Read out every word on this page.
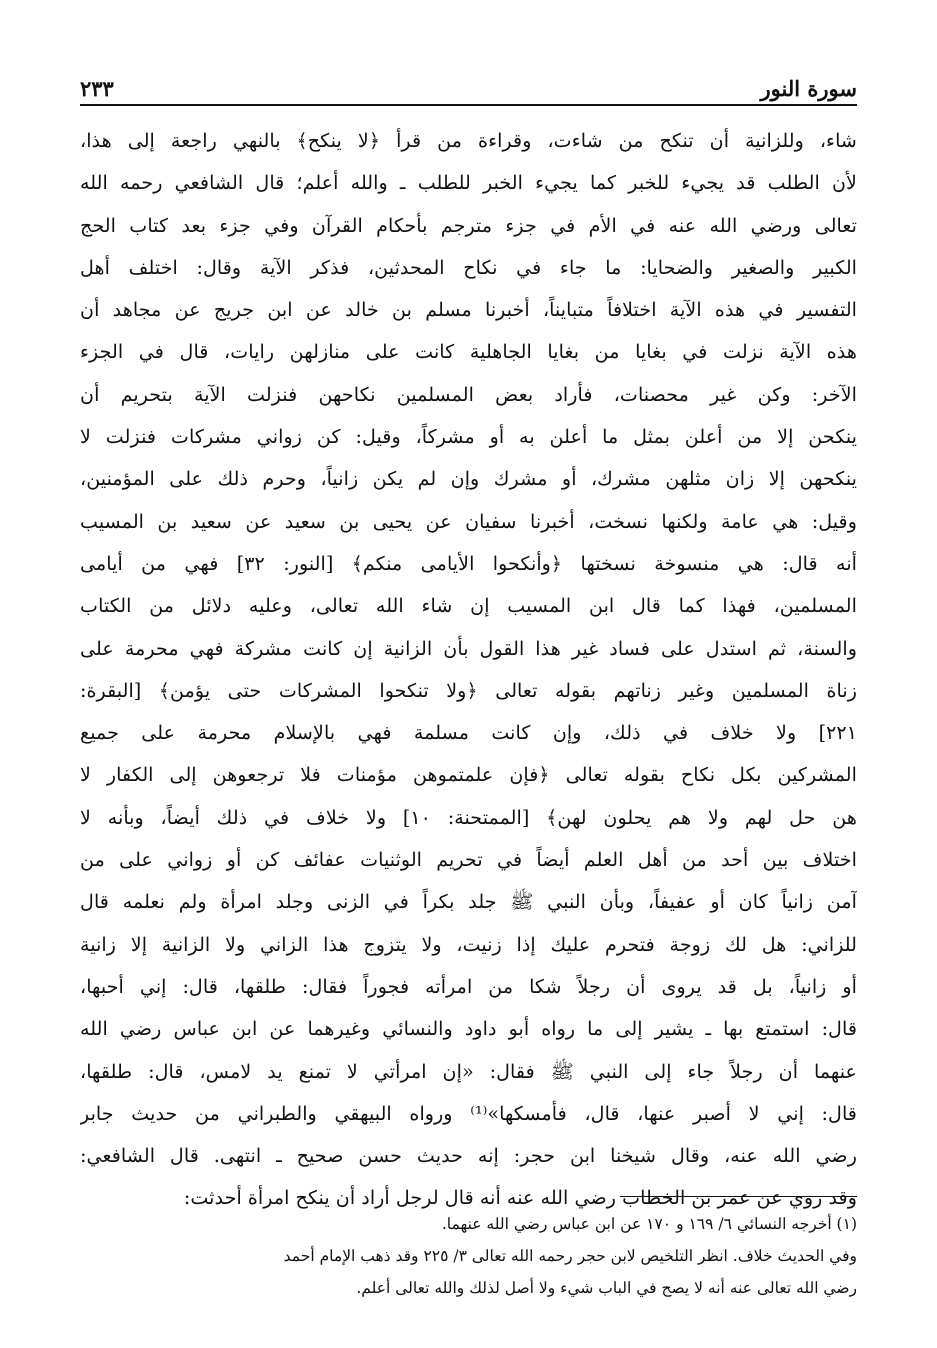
سورة النور
٢٣٣
شاء، وللزانية أن تنكح من شاءت، وقراءة من قرأ ﴿لا ينكح﴾ بالنهي راجعة إلى هذا،
لأن الطلب قد يجيء للخبر كما يجيء الخبر للطلب ـ والله أعلم؛ قال الشافعي رحمه الله
تعالى ورضي الله عنه في الأم في جزء مترجم بأحكام القرآن وفي جزء بعد كتاب الحج
الكبير والصغير والضحايا: ما جاء في نكاح المحدثين، فذكر الآية وقال: اختلف أهل
التفسير في هذه الآية اختلافاً متبايناً، أخبرنا مسلم بن خالد عن ابن جريج عن مجاهد أن
هذه الآية نزلت في بغايا من بغايا الجاهلية كانت على منازلهن رايات، قال في الجزء
الآخر: وكن غير محصنات، فأراد بعض المسلمين نكاحهن فنزلت الآية بتحريم أن
ينكحن إلا من أعلن بمثل ما أعلن به أو مشركاً، وقيل: كن زواني مشركات فنزلت لا
ينكحهن إلا زان مثلهن مشرك، أو مشرك وإن لم يكن زانياً، وحرم ذلك على المؤمنين،
وقيل: هي عامة ولكنها نسخت، أخبرنا سفيان عن يحيى بن سعيد عن سعيد بن المسيب
أنه قال: هي منسوخة نسختها ﴿وأنكحوا الأيامى منكم﴾ [النور: ٣٢] فهي من أيامى
المسلمين، فهذا كما قال ابن المسيب إن شاء الله تعالى، وعليه دلائل من الكتاب
والسنة، ثم استدل على فساد غير هذا القول بأن الزانية إن كانت مشركة فهي محرمة على
زناة المسلمين وغير زناتهم بقوله تعالى ﴿ولا تنكحوا المشركات حتى يؤمن﴾ [البقرة:
٢٢١] ولا خلاف في ذلك، وإن كانت مسلمة فهي بالإسلام محرمة على جميع
المشركين بكل نكاح بقوله تعالى ﴿فإن علمتموهن مؤمنات فلا ترجعوهن إلى الكفار لا
هن حل لهم ولا هم يحلون لهن﴾ [الممتحنة: ١٠] ولا خلاف في ذلك أيضاً، وبأنه لا
اختلاف بين أحد من أهل العلم أيضاً في تحريم الوثنيات عفائف كن أو زواني على من
آمن زانياً كان أو عفيفاً، وبأن النبي ﷺ جلد بكراً في الزنى وجلد امرأة ولم نعلمه قال
للزاني: هل لك زوجة فتحرم عليك إذا زنيت، ولا يتزوج هذا الزاني ولا الزانية إلا زانية
أو زانياً، بل قد يروى أن رجلاً شكا من امرأته فجوراً فقال: طلقها، قال: إني أحبها،
قال: استمتع بها ـ يشير إلى ما رواه أبو داود والنسائي وغيرهما عن ابن عباس رضي الله
عنهما أن رجلاً جاء إلى النبي ﷺ فقال: «إن امرأتي لا تمنع يد لامس، قال: طلقها،
قال: إني لا أصبر عنها، قال، فأمسكها»⁽¹⁾ ورواه البيهقي والطبراني من حديث جابر
رضي الله عنه، وقال شيخنا ابن حجر: إنه حديث حسن صحيح ـ انتهى. قال الشافعي:
وقد روي عن عمر بن الخطاب رضي الله عنه أنه قال لرجل أراد أن ينكح امرأة أحدثت:
(١) أخرجه النسائي ٦/ ١٦٩ و ١٧٠ عن ابن عباس رضي الله عنهما.
وفي الحديث خلاف. انظر التلخيص لابن حجر رحمه الله تعالى ٣/ ٢٢٥ وقد ذهب الإمام أحمد
رضي الله تعالى عنه أنه لا يصح في الباب شيء ولا أصل لذلك والله تعالى أعلم.
